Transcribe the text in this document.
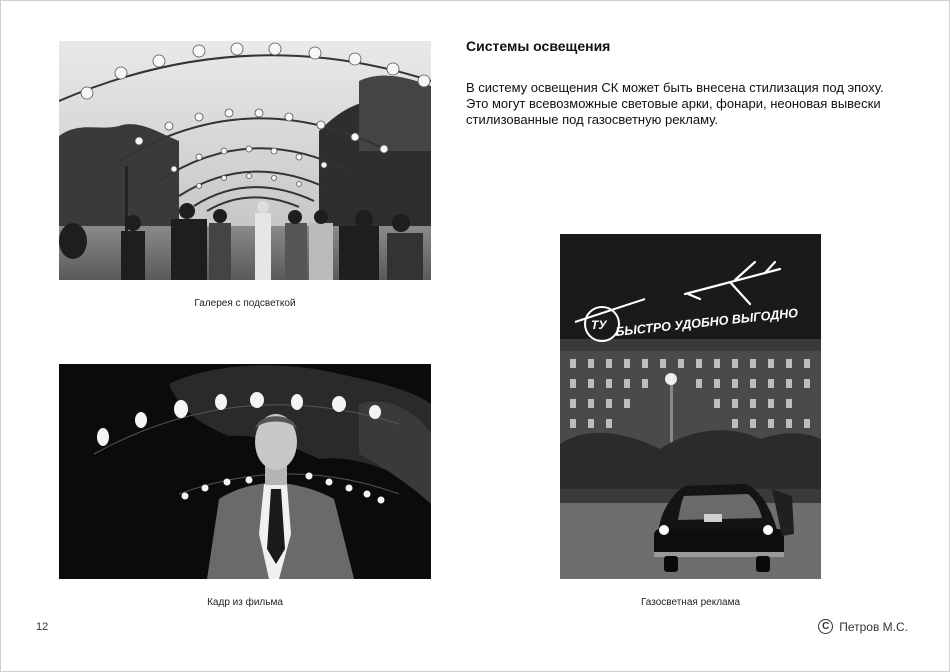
Галерея с подсветкой
Кадр из фильма
ТУ БЫСТРО УДОБНО ВЫГОДНО
Газосветная реклама
Системы освещения
В систему освещения СК может быть внесена стилизация под эпоху.
Это могут всевозможные световые арки, фонари, неоновая вывески
стилизованные под газосветную рекламу.
12	C Петров М.С.
